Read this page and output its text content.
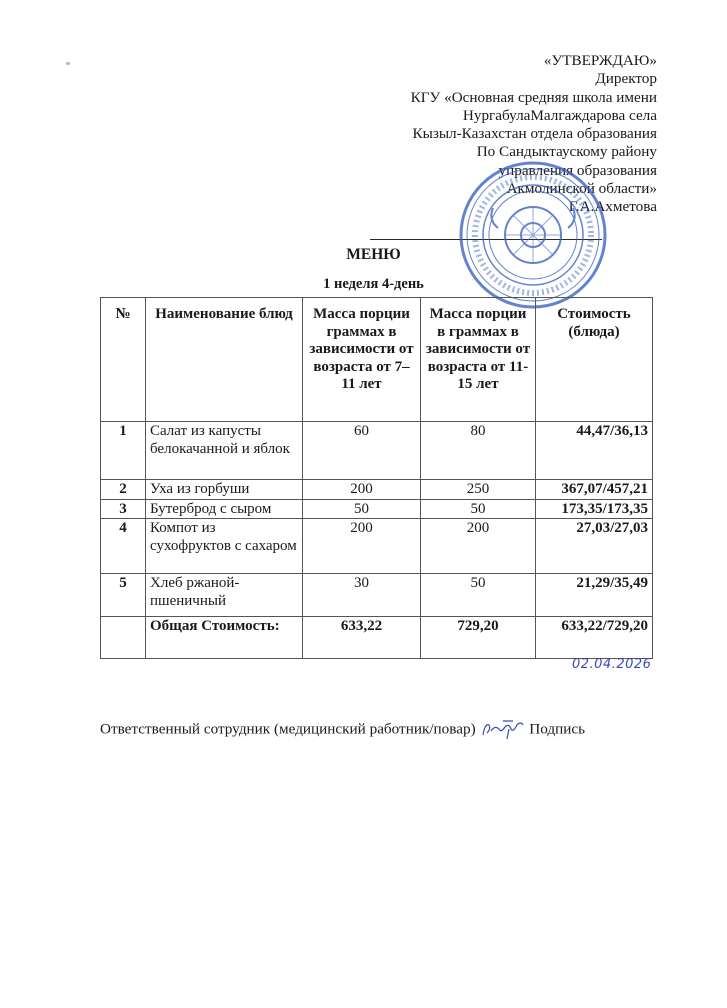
«УТВЕРЖДАЮ»
Директор
КГУ «Основная средняя школа имени
НургабулаМалгаждарова села
Кызыл-Казахстан отдела образования
По Сандыктаускому району
управления образования
Акмолинской области»
Г.А.Ахметова
МЕНЮ
1 неделя 4-день
№	Наименование блюд	Масса порции граммах в зависимости от возраста от 7–11 лет	Масса порции в граммах в зависимости от возраста от 11-15 лет	Стоимость (блюда)
1	Салат из капусты белокачанной и яблок	60	80	44,47/36,13
2	Уха из горбуши	200	250	367,07/457,21
3	Бутерброд с сыром	50	50	173,35/173,35
4	Компот из сухофруктов с сахаром	200	200	27,03/27,03
5	Хлеб ржаной-пшеничный	30	50	21,29/35,49
	Общая Стоимость:	633,22	729,20	633,22/729,20
02.04.2026
Ответственный сотрудник (медицинский работник/повар)	Подпись
